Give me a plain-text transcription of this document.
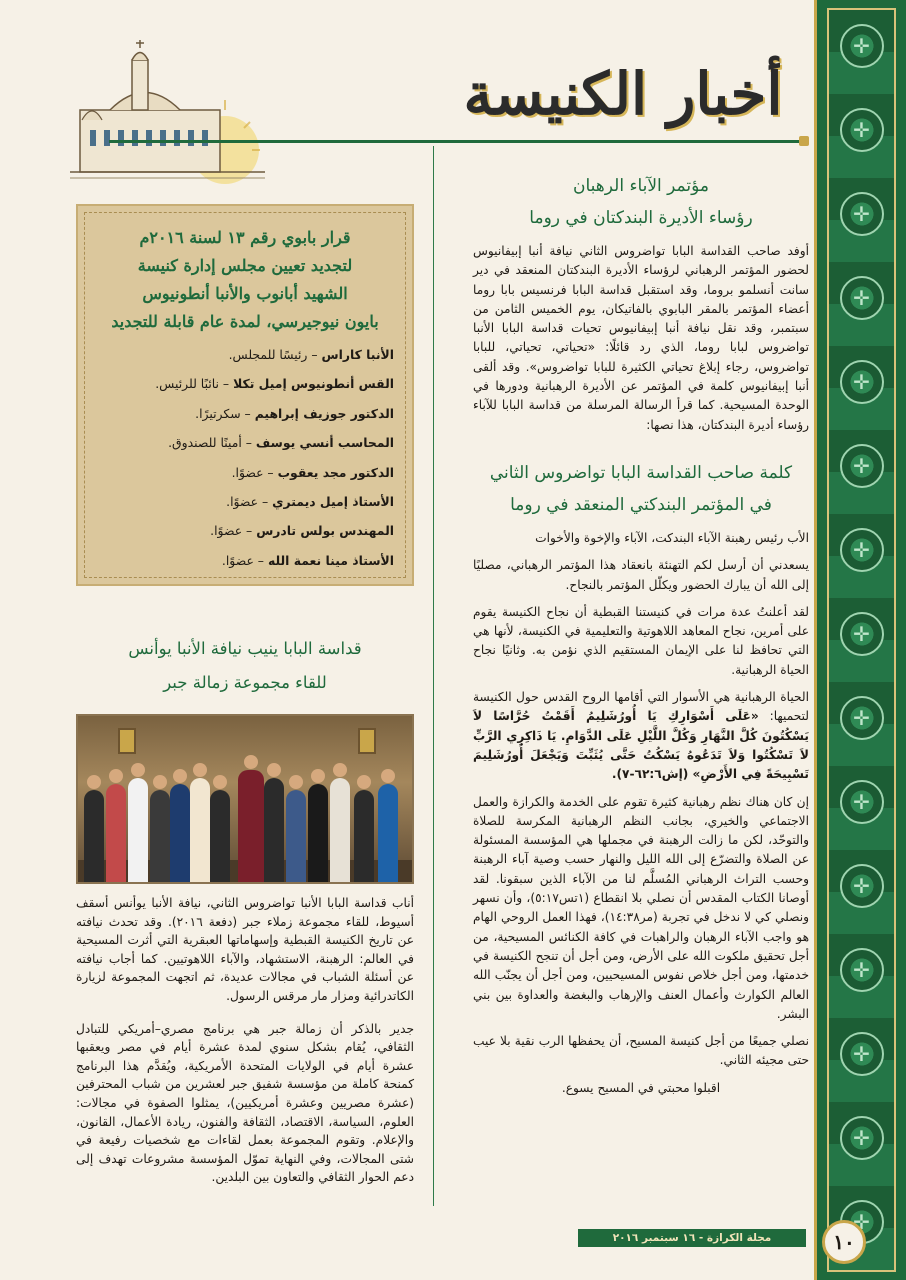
✛
✛
✛
✛
✛
✛
✛
✛
✛
✛
✛
✛
✛
✛
✛
أخبار الكنيسة
مؤتمر الآباء الرهبان
رؤساء الأديرة البندكتان في روما

أوفد صاحب القداسة البابا تواضروس الثاني نيافة أنبا إبيفانيوس لحضور المؤتمر الرهباني لرؤساء الأديرة البندكتان المنعقد في دير سانت أنسلمو بروما، وقد استقبل قداسة البابا فرنسيس بابا روما أعضاء المؤتمر بالمقر البابوي بالفاتيكان، يوم الخميس الثامن من سبتمبر، وقد نقل نيافة أنبا إبيفانيوس تحيات قداسة البابا الأنبا تواضروس لبابا روما، الذي رد قائلًا: «تحياتي، تحياتي، للبابا تواضروس، رجاء إبلاغ تحياتي الكثيرة للبابا تواضروس». وقد ألقى أنبا إبيفانيوس كلمة في المؤتمر عن الأديرة الرهبانية ودورها في الوحدة المسيحية. كما قرأ الرسالة المرسلة من قداسة البابا للآباء رؤساء أديرة البندكتان، هذا نصها:

كلمة صاحب القداسة البابا تواضروس الثاني
في المؤتمر البندكتي المنعقد في روما

الأب رئيس رهبنة الآباء البندكت، الآباء والإخوة والأخوات

يسعدني أن أرسل لكم التهنئة بانعقاد هذا المؤتمر الرهباني، مصليًا إلى الله أن يبارك الحضور ويكلّل المؤتمر بالنجاح.

لقد أعلنتُ عدة مرات في كنيستنا القبطية أن نجاح الكنيسة يقوم على أمرين، نجاح المعاهد اللاهوتية والتعليمية في الكنيسة، لأنها هي التي تحافظ لنا على الإيمان المستقيم الذي نؤمن به. وثانيًا نجاح الحياة الرهبانية.

الحياة الرهبانية هي الأسوار التي أقامها الروح القدس حول الكنيسة لتحميها: «عَلَى أَسْوَارِكِ يَا أُورُشَلِيمُ أَقَمْتُ حُرَّاسًا لاَ يَسْكُتُونَ كُلَّ النَّهَارِ وَكُلَّ اللَّيْلِ عَلَى الدَّوَامِ. يَا ذَاكِرِي الرَّبِّ لاَ تَسْكُتُوا وَلاَ تَدَعُوهُ يَسْكُتُ حَتَّى يُثَبِّتَ وَيَجْعَلَ أُورُشَلِيمَ تَسْبِيحَةً فِي الأَرْضِ» (إش٦٢:٦-٧).

إن كان هناك نظم رهبانية كثيرة تقوم على الخدمة والكرازة والعمل الاجتماعي والخيري، بجانب النظم الرهبانية المكرسة للصلاة والتوحّد، لكن ما زالت الرهبنة في مجملها هي المؤسسة المسئولة عن الصلاة والتضرّع إلى الله الليل والنهار حسب وصية آباء الرهبنة وحسب التراث الرهباني المُسلَّم لنا من الآباء الذين سبقونا. لقد أوصانا الكتاب المقدس أن نصلي بلا انقطاع (١تس٥:١٧)، وأن نسهر ونصلي كي لا ندخل في تجربة (مر١٤:٣٨)، فهذا العمل الروحي الهام هو واجب الآباء الرهبان والراهبات في كافة الكنائس المسيحية، من أجل تحقيق ملكوت الله على الأرض، ومن أجل أن تنجح الكنيسة في خدمتها، ومن أجل خلاص نفوس المسيحيين، ومن أجل أن يجنّب الله العالم الكوارث وأعمال العنف والإرهاب والبغضة والعداوة بين بني البشر.

نصلي جميعًا من أجل كنيسة المسيح، أن يحفظها الرب نقية بلا عيب حتى مجيئه الثاني.

اقبلوا محبتي في المسيح يسوع.

قرار بابوي رقم ١٣ لسنة ٢٠١٦م
لتجديد تعيين مجلس إدارة كنيسة
الشهيد أبانوب والأنبا أنطونيوس
بايون نيوجيرسي، لمدة عام قابلة للتجديد
الأنبا كاراس – رئيسًا للمجلس.
القس أنطونيوس إميل تكلا – نائبًا للرئيس.
الدكتور جوزيف إبراهيم – سكرتيرًا.
المحاسب أنسي يوسف – أمينًا للصندوق.
الدكتور مجد يعقوب – عضوًا.
الأستاذ إميل ديمتري – عضوًا.
المهندس بولس تادرس – عضوًا.
الأستاذ مينا نعمة الله – عضوًا.
قداسة البابا ينيب نيافة الأنبا يوأنس
للقاء مجموعة زمالة جبر

أناب قداسة البابا الأنبا تواضروس الثاني، نيافة الأنبا يوأنس أسقف أسيوط، للقاء مجموعة زملاء جبر (دفعة ٢٠١٦). وقد تحدث نيافته عن تاريخ الكنيسة القبطية وإسهاماتها العبقرية التي أثرت المسيحية في العالم: الرهبنة، الاستشهاد، والآباء اللاهوتيين. كما أجاب نيافته عن أسئلة الشباب في مجالات عديدة، ثم اتجهت المجموعة لزيارة الكاتدرائية ومزار مار مرقس الرسول.

جدير بالذكر أن زمالة جبر هي برنامج مصري–أمريكي للتبادل الثقافي، يُقام بشكل سنوي لمدة عشرة أيام في مصر ويعقبها عشرة أيام في الولايات المتحدة الأمريكية، ويُقدَّم هذا البرنامج كمنحة كاملة من مؤسسة شفيق جبر لعشرين من شباب المحترفين (عشرة مصريين وعشرة أمريكيين)، يمثلوا الصفوة في مجالات: العلوم، السياسة، الاقتصاد، الثقافة والفنون، ريادة الأعمال، القانون، والإعلام. وتقوم المجموعة بعمل لقاءات مع شخصيات رفيعة في شتى المجالات، وفي النهاية تموّل المؤسسة مشروعات تهدف إلى دعم الحوار الثقافي والتعاون بين البلدين.

مجلة الكرازة - ١٦ سبتمبر ٢٠١٦	١٠
